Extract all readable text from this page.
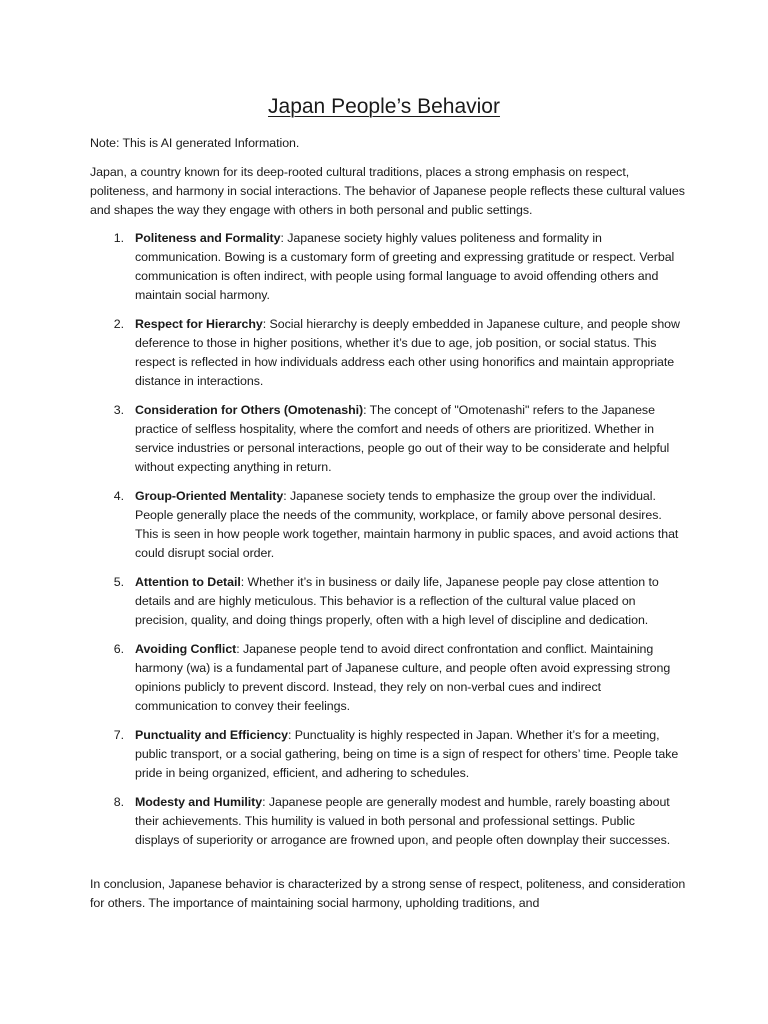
Japan People’s Behavior

Note: This is AI generated Information.

Japan, a country known for its deep-rooted cultural traditions, places a strong emphasis on respect, politeness, and harmony in social interactions. The behavior of Japanese people reflects these cultural values and shapes the way they engage with others in both personal and public settings.

1. Politeness and Formality: Japanese society highly values politeness and formality in communication. Bowing is a customary form of greeting and expressing gratitude or respect. Verbal communication is often indirect, with people using formal language to avoid offending others and maintain social harmony.
2. Respect for Hierarchy: Social hierarchy is deeply embedded in Japanese culture, and people show deference to those in higher positions, whether it’s due to age, job position, or social status. This respect is reflected in how individuals address each other using honorifics and maintain appropriate distance in interactions.
3. Consideration for Others (Omotenashi): The concept of "Omotenashi" refers to the Japanese practice of selfless hospitality, where the comfort and needs of others are prioritized. Whether in service industries or personal interactions, people go out of their way to be considerate and helpful without expecting anything in return.
4. Group-Oriented Mentality: Japanese society tends to emphasize the group over the individual. People generally place the needs of the community, workplace, or family above personal desires. This is seen in how people work together, maintain harmony in public spaces, and avoid actions that could disrupt social order.
5. Attention to Detail: Whether it’s in business or daily life, Japanese people pay close attention to details and are highly meticulous. This behavior is a reflection of the cultural value placed on precision, quality, and doing things properly, often with a high level of discipline and dedication.
6. Avoiding Conflict: Japanese people tend to avoid direct confrontation and conflict. Maintaining harmony (wa) is a fundamental part of Japanese culture, and people often avoid expressing strong opinions publicly to prevent discord. Instead, they rely on non-verbal cues and indirect communication to convey their feelings.
7. Punctuality and Efficiency: Punctuality is highly respected in Japan. Whether it’s for a meeting, public transport, or a social gathering, being on time is a sign of respect for others’ time. People take pride in being organized, efficient, and adhering to schedules.
8. Modesty and Humility: Japanese people are generally modest and humble, rarely boasting about their achievements. This humility is valued in both personal and professional settings. Public displays of superiority or arrogance are frowned upon, and people often downplay their successes.

In conclusion, Japanese behavior is characterized by a strong sense of respect, politeness, and consideration for others. The importance of maintaining social harmony, upholding traditions, and
